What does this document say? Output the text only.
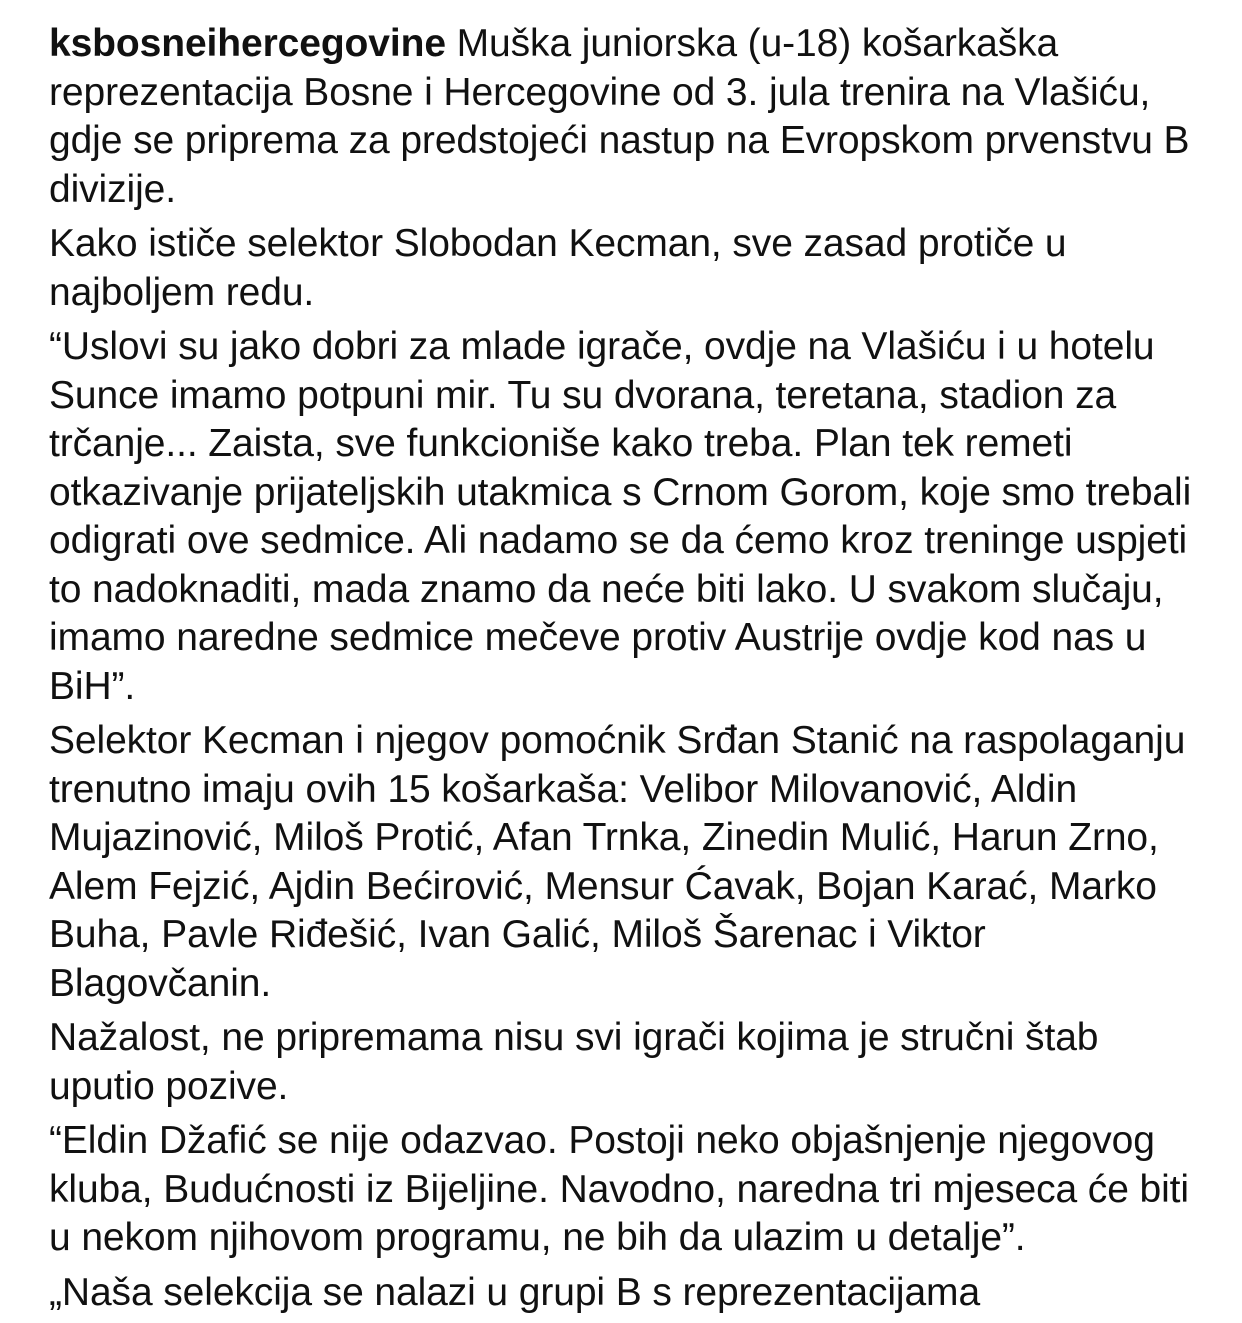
ksbosneihercegovine Muška juniorska (u-18) košarkaška reprezentacija Bosne i Hercegovine od 3. jula trenira na Vlašiću, gdje se priprema za predstojeći nastup na Evropskom prvenstvu B divizije.

Kako ističe selektor Slobodan Kecman, sve zasad protiče u najboljem redu.

“Uslovi su jako dobri za mlade igrače, ovdje na Vlašiću i u hotelu Sunce imamo potpuni mir. Tu su dvorana, teretana, stadion za trčanje... Zaista, sve funkcioniše kako treba. Plan tek remeti otkazivanje prijateljskih utakmica s Crnom Gorom, koje smo trebali odigrati ove sedmice. Ali nadamo se da ćemo kroz treninge uspjeti to nadoknaditi, mada znamo da neće biti lako. U svakom slučaju, imamo naredne sedmice mečeve protiv Austrije ovdje kod nas u BiH”.

Selektor Kecman i njegov pomoćnik Srđan Stanić na raspolaganju trenutno imaju ovih 15 košarkaša: Velibor Milovanović, Aldin Mujazinović, Miloš Protić, Afan Trnka, Zinedin Mulić, Harun Zrno, Alem Fejzić, Ajdin Bećirović, Mensur Ćavak, Bojan Karać, Marko Buha, Pavle Riđešić, Ivan Galić, Miloš Šarenac i Viktor Blagovčanin.

Nažalost, ne pripremama nisu svi igrači kojima je stručni štab uputio pozive.

“Eldin Džafić se nije odazvao. Postoji neko objašnjenje njegovog kluba, Budućnosti iz Bijeljine. Navodno, naredna tri mjeseca će biti u nekom njihovom programu, ne bih da ulazim u detalje”.

„Naša selekcija se nalazi u grupi B s reprezentacijama
